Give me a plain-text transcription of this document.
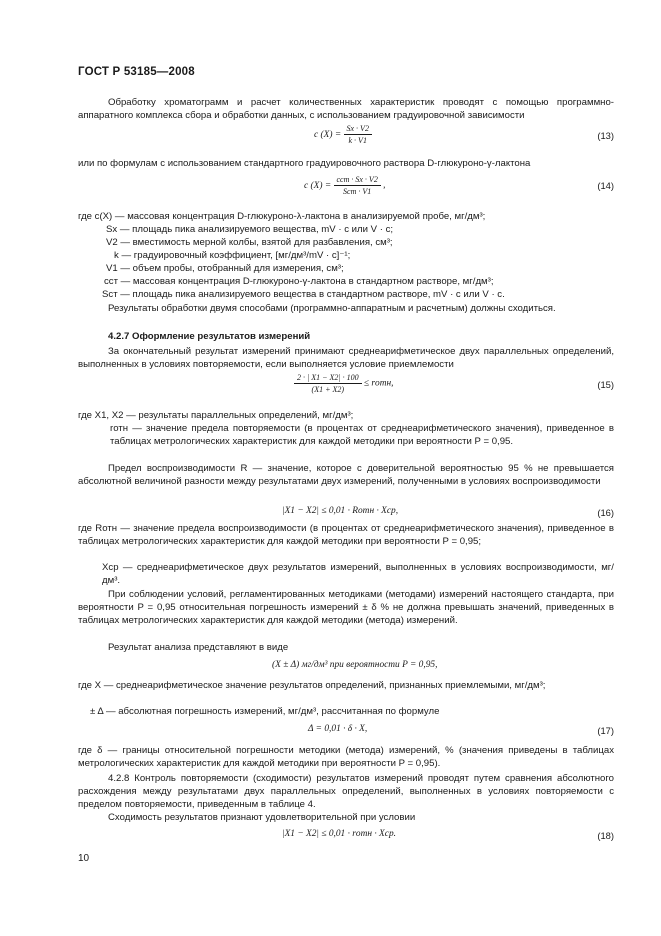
ГОСТ Р 53185—2008
Обработку хроматограмм и расчет количественных характеристик проводят с помощью программно-аппаратного комплекса сбора и обработки данных, с использованием градуировочной зависимости
c $(X) = \frac{Sx \cdot V2}{k \cdot V1}$	(13)
или по формулам с использованием стандартного градуировочного раствора D-глюкуроно-γ-лактона
c $(X) = \frac{\text{cст · Sx · V2}}{\text{Sст · V1}}$ ,	(14)
где c(X) — массовая концентрация D-глюкуроно-λ-лактона в анализируемой пробе, мг/дм³;
Sx — площадь пика анализируемого вещества, mV · c или V · c;
V2 — вместимость мерной колбы, взятой для разбавления, см³;
k — градуировочный коэффициент, [мг/дм³/mV · c]⁻¹;
V1 — объем пробы, отобранный для измерения, см³;
cст — массовая концентрация D-глюкуроно-γ-лактона в стандартном растворе, мг/дм³;
Sст — площадь пика анализируемого вещества в стандартном растворе, mV · c или V · c.
Результаты обработки двумя способами (программно-аппаратным и расчетным) должны сходиться.
4.2.7 Оформление результатов измерений
За окончательный результат измерений принимают среднеарифметическое двух параллельных определений, выполненных в условиях повторяемости, если выполняется условие приемлемости
$\frac{2 \cdot | X1 - X2| \cdot 100}{(X1 + X2)}$ ≤ rотн,	(15)
где X1, X2 — результаты параллельных определений, мг/дм³;
rотн — значение предела повторяемости (в процентах от среднеарифметического значения), приведенное в таблицах метрологических характеристик для каждой методики при вероятности P = 0,95.
Предел воспроизводимости R — значение, которое с доверительной вероятностью 95 % не превышается абсолютной величиной разности между результатами двух измерений, полученными в условиях воспроизводимости
|X1 − X2| ≤ 0,01 · Rотн · Xср,	(16)
где Rотн — значение предела воспроизводимости (в процентах от среднеарифметического значения), приведенное в таблицах метрологических характеристик для каждой методики при вероятности P = 0,95;
Xср — среднеарифметическое двух результатов измерений, выполненных в условиях воспроизводимости, мг/дм³.
При соблюдении условий, регламентированных методиками (методами) измерений настоящего стандарта, при вероятности P = 0,95 относительная погрешность измерений ± δ % не должна превышать значений, приведенных в таблицах метрологических характеристик для каждой методики (метода) измерений.
Результат анализа представляют в виде
(X ± Δ) мг/дм³ при вероятности P = 0,95,
где X — среднеарифметическое значение результатов определений, признанных приемлемыми, мг/дм³;
± Δ — абсолютная погрешность измерений, мг/дм³, рассчитанная по формуле
Δ = 0,01 · δ · X,	(17)
где δ — границы относительной погрешности методики (метода) измерений, % (значения приведены в таблицах метрологических характеристик для каждой методики при вероятности P = 0,95).
4.2.8 Контроль повторяемости (сходимости) результатов измерений проводят путем сравнения абсолютного расхождения между результатами двух параллельных определений, выполненных в условиях повторяемости с пределом повторяемости, приведенным в таблице 4.
Сходимость результатов признают удовлетворительной при условии
|X1 − X2| ≤ 0,01 · rотн · Xср.	(18)
10
